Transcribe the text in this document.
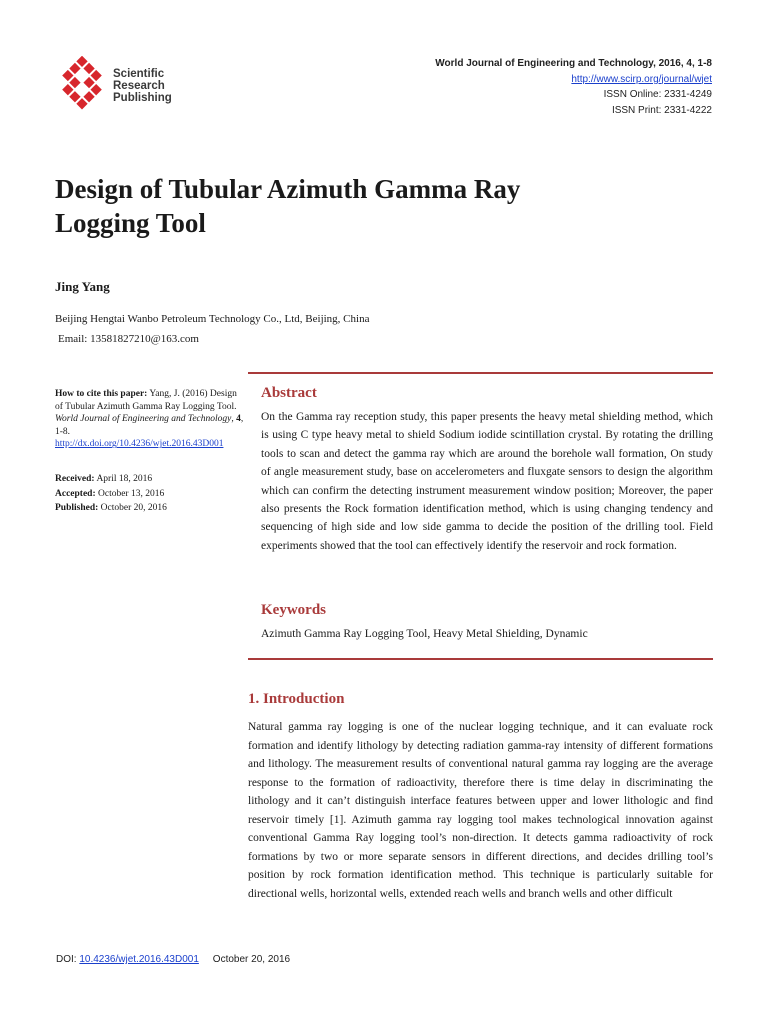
Scientific
Research
Publishing
World Journal of Engineering and Technology, 2016, 4, 1-8
http://www.scirp.org/journal/wjet
ISSN Online: 2331-4249
ISSN Print: 2331-4222
Design of Tubular Azimuth Gamma Ray Logging Tool
Jing Yang
Beijing Hengtai Wanbo Petroleum Technology Co., Ltd, Beijing, China
Email: 13581827210@163.com
How to cite this paper: Yang, J. (2016) Design of Tubular Azimuth Gamma Ray Logging Tool. World Journal of Engineering and Technology, 4, 1-8.
http://dx.doi.org/10.4236/wjet.2016.43D001
Received: April 18, 2016
Accepted: October 13, 2016
Published: October 20, 2016
Abstract
On the Gamma ray reception study, this paper presents the heavy metal shielding method, which is using C type heavy metal to shield Sodium iodide scintillation crystal. By rotating the drilling tools to scan and detect the gamma ray which are around the borehole wall formation, On study of angle measurement study, base on accelerometers and fluxgate sensors to design the algorithm which can confirm the detecting instrument measurement window position; Moreover, the paper also presents the Rock formation identification method, which is using changing tendency and sequencing of high side and low side gamma to decide the position of the drilling tool. Field experiments showed that the tool can effectively identify the reservoir and rock formation.
Keywords
Azimuth Gamma Ray Logging Tool, Heavy Metal Shielding, Dynamic
1. Introduction
Natural gamma ray logging is one of the nuclear logging technique, and it can evaluate rock formation and identify lithology by detecting radiation gamma-ray intensity of different formations and lithology. The measurement results of conventional natural gamma ray logging are the average response to the formation of radioactivity, therefore there is time delay in discriminating the lithology and it can’t distinguish interface features between upper and lower lithologic and find reservoir timely [1]. Azimuth gamma ray logging tool makes technological innovation against conventional Gamma Ray logging tool’s non-direction. It detects gamma radioactivity of rock formations by two or more separate sensors in different directions, and decides drilling tool’s position by rock formation identification method. This technique is particularly suitable for directional wells, horizontal wells, extended reach wells and branch wells and other difficult
DOI: 10.4236/wjet.2016.43D001 October 20, 2016
